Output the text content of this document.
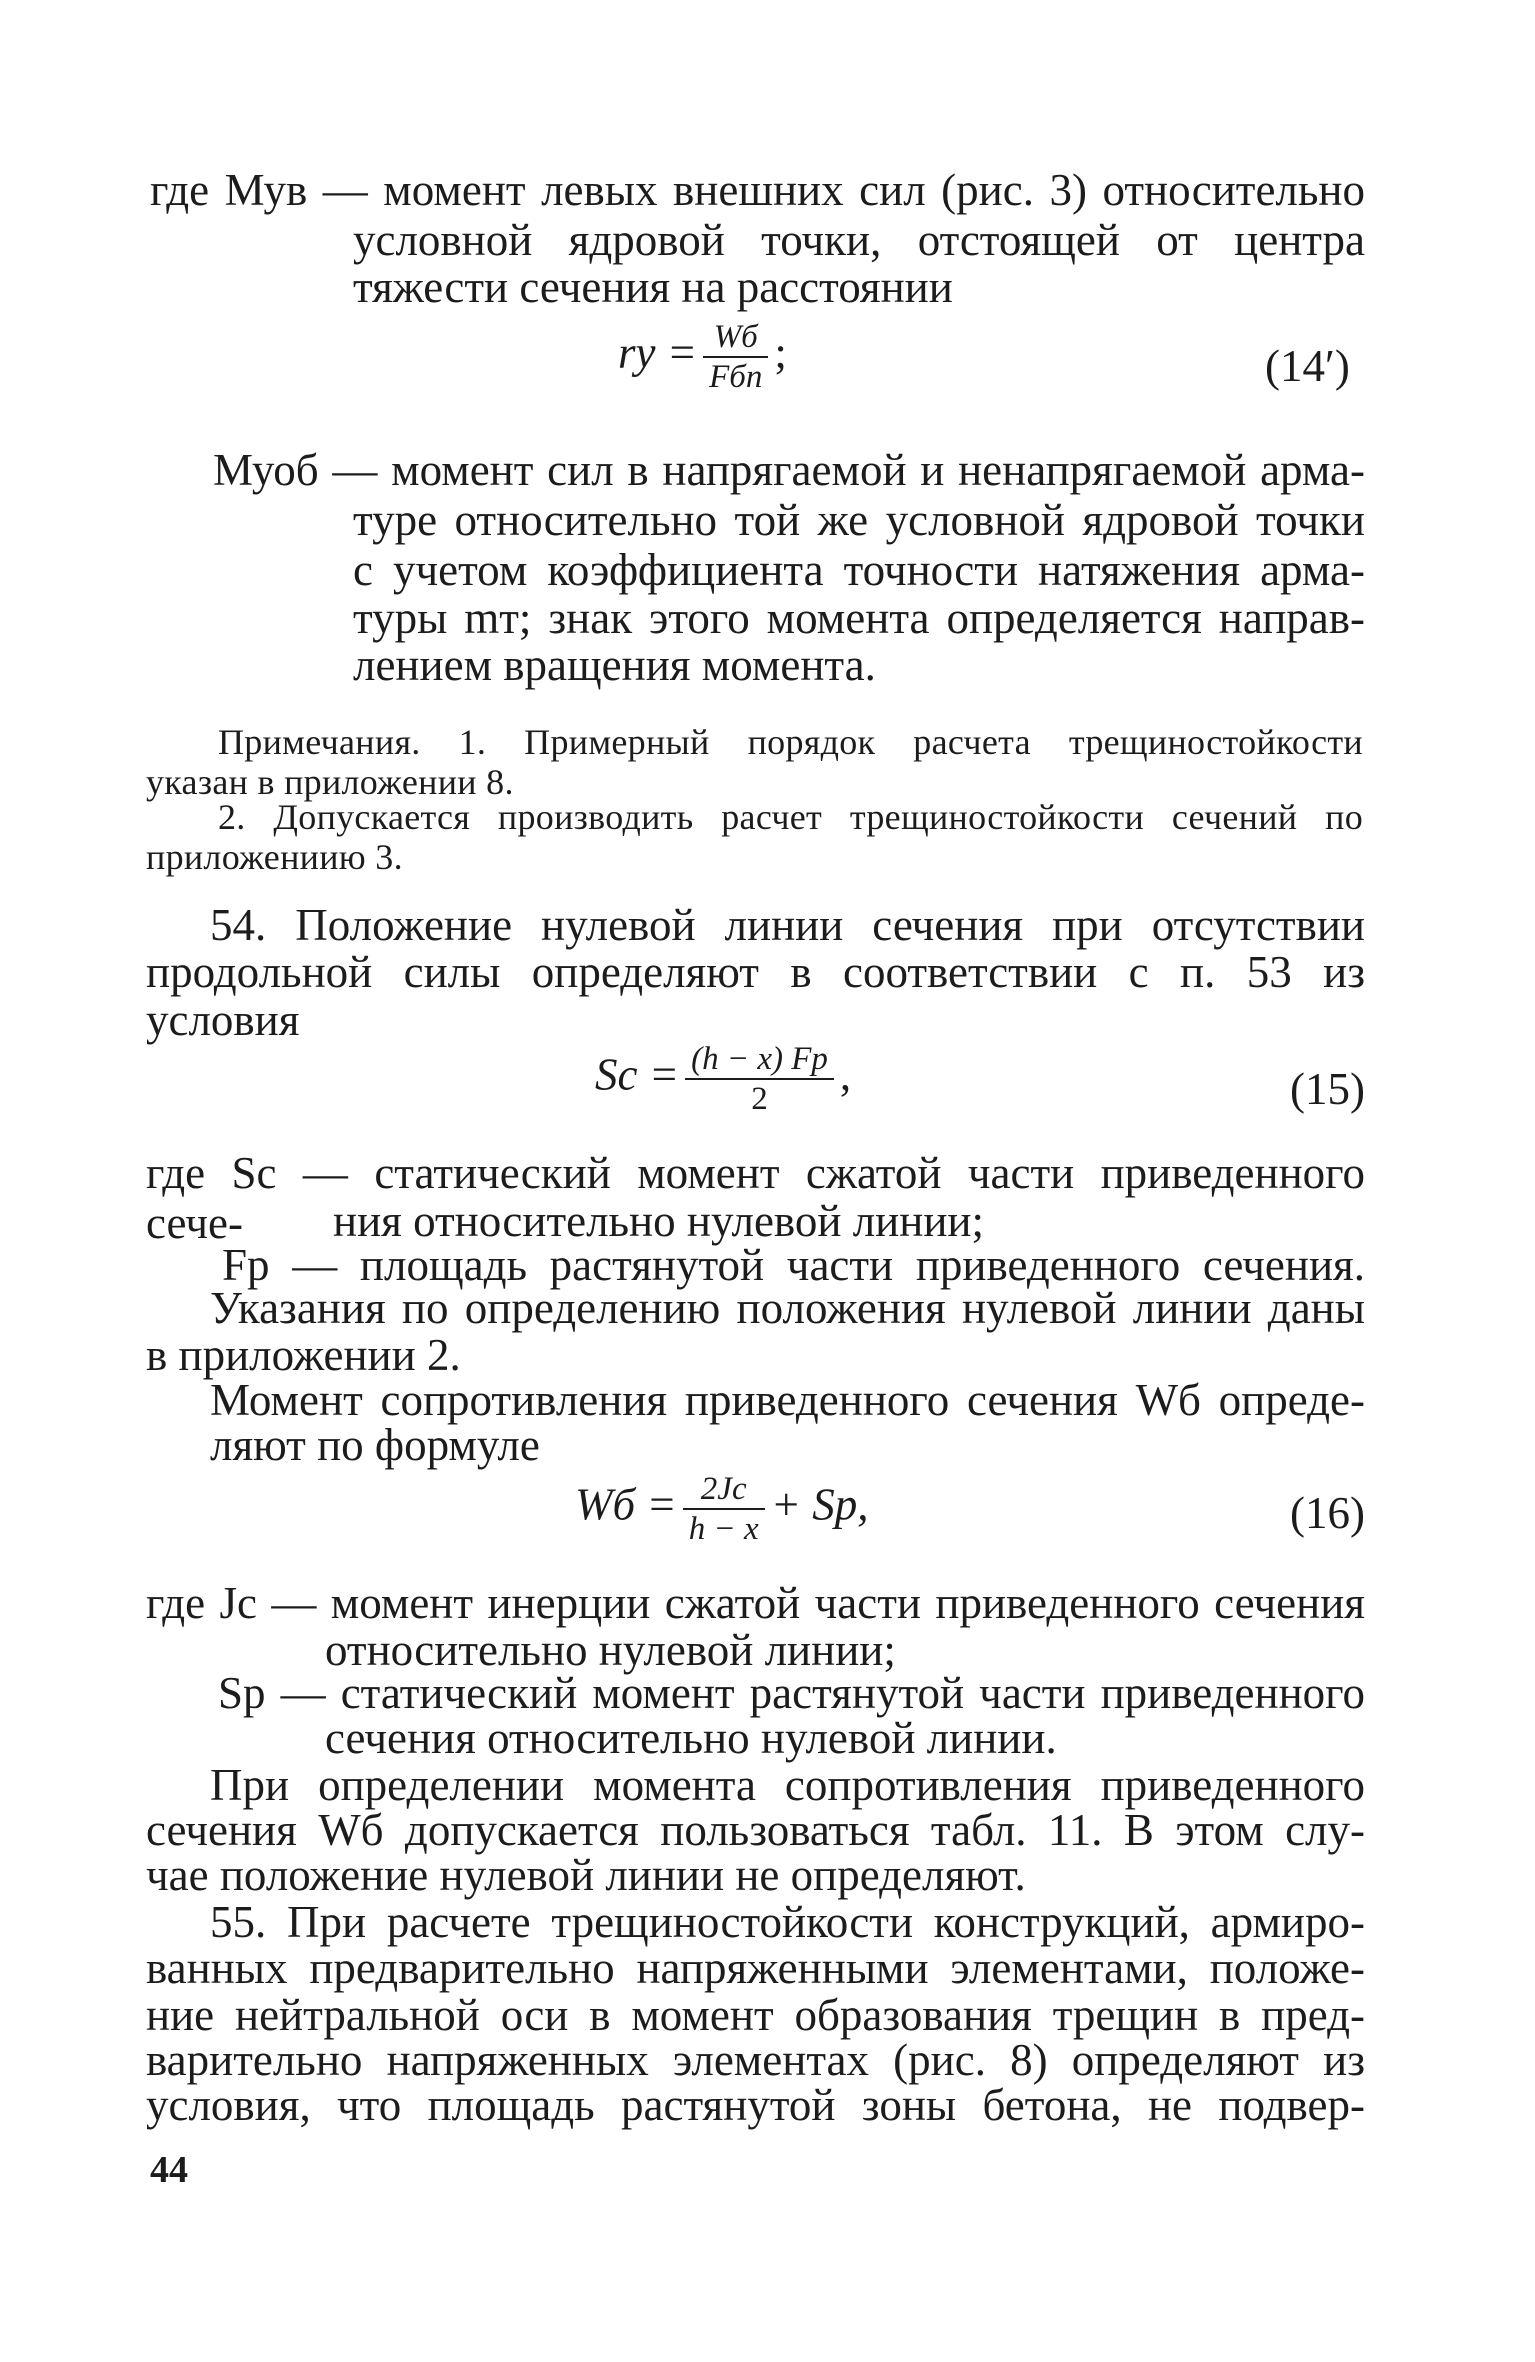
где Мув — момент левых внешних сил (рис. 3) относительно
условной ядровой точки, отстоящей от центра
тяжести сечения на расстоянии
rу = $\frac{Wб}{\text{Fбп}}$ ;	(14′)
Муоб — момент сил в напрягаемой и ненапрягаемой арма-
туре относительно той же условной ядровой точки
с учетом коэффициента точности натяжения арма-
туры mт; знак этого момента определяется направ-
лением вращения момента.
Примечания. 1. Примерный порядок расчета трещиностойкости
указан в приложении 8.
2. Допускается производить расчет трещиностойкости сечений по
приложениию 3.
54. Положение нулевой линии сечения при отсутствии
продольной силы определяют в соответствии с п. 53 из
условия
Sс = $\frac{(h - x) Fр}{2}$ ,	(15)
где Sс — статический момент сжатой части приведенного сече-	ния относительно нулевой линии;
Fр — площадь растянутой части приведенного сечения.
Указания по определению положения нулевой линии даны
в приложении 2.
Момент сопротивления приведенного сечения Wб опреде-
ляют по формуле
Wб = $\frac{2Jс}{h - x}$ + Sр,	(16)
где Jс — момент инерции сжатой части приведенного сечения
относительно нулевой линии;
Sр — статический момент растянутой части приведенного
сечения относительно нулевой линии.
При определении момента сопротивления приведенного
сечения Wб допускается пользоваться табл. 11. В этом слу-
чае положение нулевой линии не определяют.
55. При расчете трещиностойкости конструкций, армиро-
ванных предварительно напряженными элементами, положе-
ние нейтральной оси в момент образования трещин в пред-
варительно напряженных элементах (рис. 8) определяют из
условия, что площадь растянутой зоны бетона, не подвер-
44
